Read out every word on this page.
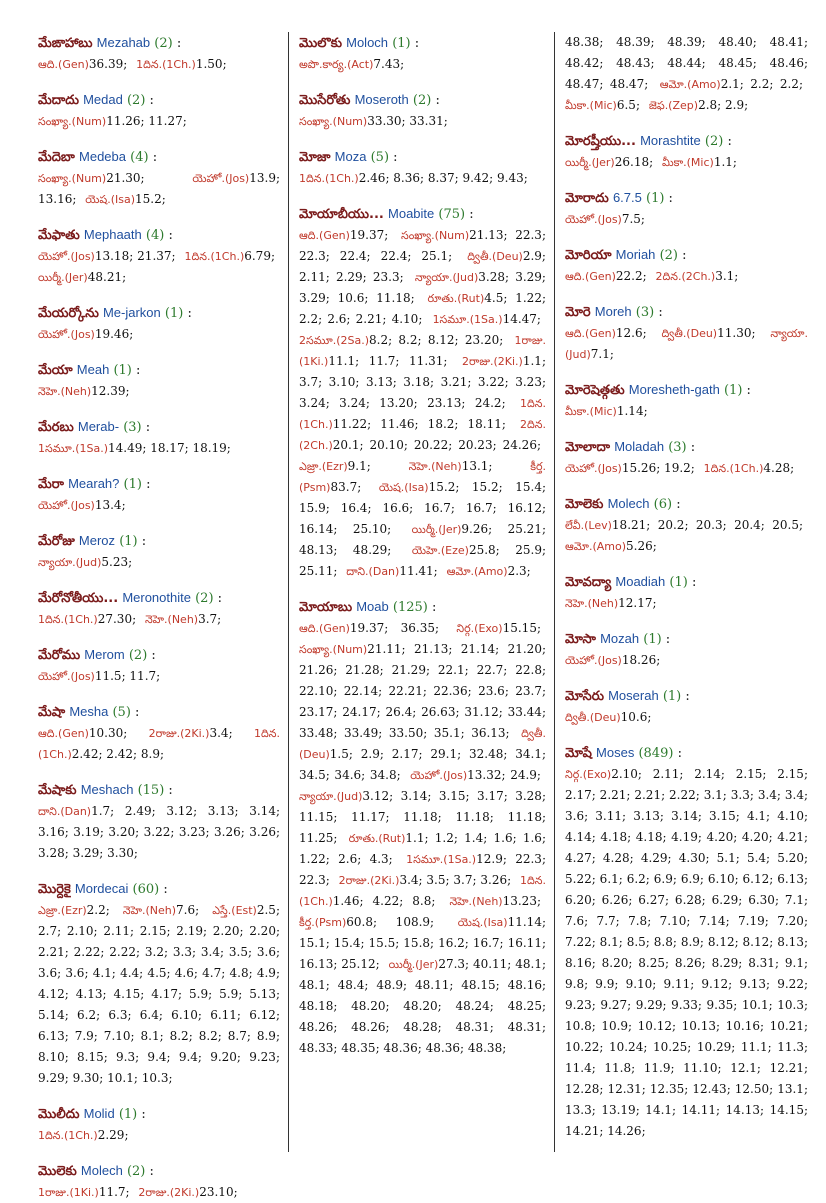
మేఙాహాబు Mezahab (2) :
ఆది.(Gen)36.39; 1దిన.(1Ch.)1.50;
మేదాదు Medad (2) :
సంఖ్యా.(Num)11.26; 11.27;
మేదెబా Medeba (4) :
సంఖ్యా.(Num)21.30;	యెహో.(Jos)13.9; 13.16; యెష.(Isa)15.2;
మేఫాతు Mephaath (4) :
యెహో.(Jos)13.18; 21.37; 1దిన.(1Ch.)6.79; యిర్మీ.(Jer)48.21;
మేయర్కోను Me-jarkon (1) :
యెహో.(Jos)19.46;
మేయా Meah (1) :
నెహె.(Neh)12.39;
మేరబు Merab- (3) :
1సమూ.(1Sa.)14.49; 18.17; 18.19;
మేరా Mearah? (1) :
యెహో.(Jos)13.4;
మేరోజు Meroz (1) :
న్యాయా.(Jud)5.23;
మేరోనోతీయు... Meronothite (2) :
1దిన.(1Ch.)27.30; నెహె.(Neh)3.7;
మేరోము Merom (2) :
యెహో.(Jos)11.5; 11.7;
మేషా Mesha (5) :
ఆది.(Gen)10.30; 2రాజు.(2Ki.)3.4; 1దిన.(1Ch.)2.42; 2.42; 8.9;
మేషాకు Meshach (15) :
దాని.(Dan)1.7; 2.49; 3.12; 3.13; 3.14; 3.16; 3.19; 3.20; 3.22; 3.23; 3.26; 3.26; 3.28; 3.29; 3.30;
మొర్దెకై Mordecai (60) :
ఎజ్రా.(Ezr)2.2; నెహె.(Neh)7.6; ఎస్తే.(Est)2.5; 2.7; 2.10; 2.11; 2.15; 2.19; 2.20; 2.20; 2.21; 2.22; 2.22; 3.2; 3.3; 3.4; 3.5; 3.6; 3.6; 3.6; 4.1; 4.4; 4.5; 4.6; 4.7; 4.8; 4.9; 4.12; 4.13; 4.15; 4.17; 5.9; 5.9; 5.13; 5.14; 6.2; 6.3; 6.4; 6.10; 6.11; 6.12; 6.13; 7.9; 7.10; 8.1; 8.2; 8.2; 8.7; 8.9; 8.10; 8.15; 9.3; 9.4; 9.4; 9.20; 9.23; 9.29; 9.30; 10.1; 10.3;
మొలీదు Molid (1) :
1దిన.(1Ch.)2.29;
మొలెకు Molech (2) :
1రాజు.(1Ki.)11.7; 2రాజు.(2Ki.)23.10;
మొలొకు Moloch (1) :
అపొ.కార్య.(Act)7.43;
మొసేరోతు Moseroth (2) :
సంఖ్యా.(Num)33.30; 33.31;
మోజా Moza (5) :
1దిన.(1Ch.)2.46; 8.36; 8.37; 9.42; 9.43;
మోయాబీయు... Moabite (75) :
ఆది.(Gen)19.37; సంఖ్యా.(Num)21.13; 22.3; 22.3; 22.4; 22.4; 25.1; ద్వితీ.(Deu)2.9; 2.11; 2.29; 23.3; న్యాయా.(Jud)3.28; 3.29; 3.29; 10.6; 11.18; రూతు.(Rut)4.5; 1.22; 2.2; 2.6; 2.21; 4.10; 1సమూ.(1Sa.)14.47; 2సమూ.(2Sa.)8.2; 8.2; 8.12; 23.20; 1రాజు.(1Ki.)11.1; 11.7; 11.31; 2రాజు.(2Ki.)1.1; 3.7; 3.10; 3.13; 3.18; 3.21; 3.22; 3.23; 3.24; 3.24; 13.20; 23.13; 24.2; 1దిన.(1Ch.)11.22; 11.46; 18.2; 18.11; 2దిన.(2Ch.)20.1; 20.10; 20.22; 20.23; 24.26; ఎజ్రా.(Ezr)9.1;	నెహె.(Neh)13.1;	కీర్త.(Psm)83.7; యెష.(Isa)15.2; 15.2; 15.4; 15.9; 16.4; 16.6; 16.7; 16.7; 16.12; 16.14; 25.10; యిర్మీ.(Jer)9.26; 25.21; 48.13; 48.29; యెహె.(Eze)25.8; 25.9; 25.11; దాని.(Dan)11.41; ఆమో.(Amo)2.3;
మోయాబు Moab (125) :
ఆది.(Gen)19.37; 36.35; నిర్గ.(Exo)15.15; సంఖ్యా.(Num)21.11; 21.13; 21.14; 21.20; 21.26; 21.28; 21.29; 22.1; 22.7; 22.8; 22.10; 22.14; 22.21; 22.36; 23.6; 23.7; 23.17; 24.17; 26.4; 26.63; 31.12; 33.44; 33.48; 33.49; 33.50; 35.1; 36.13; ద్వితీ.(Deu)1.5; 2.9; 2.17; 29.1; 32.48; 34.1; 34.5; 34.6; 34.8; యెహో.(Jos)13.32; 24.9; న్యాయా.(Jud)3.12; 3.14; 3.15; 3.17; 3.28; 11.15; 11.17; 11.18; 11.18; 11.18; 11.25; రూతు.(Rut)1.1; 1.2; 1.4; 1.6; 1.6; 1.22; 2.6; 4.3; 1సమూ.(1Sa.)12.9; 22.3; 22.3; 2రాజు.(2Ki.)3.4; 3.5; 3.7; 3.26; 1దిన.(1Ch.)1.46; 4.22; 8.8; నెహె.(Neh)13.23; కీర్త.(Psm)60.8; 108.9; యెష.(Isa)11.14; 15.1; 15.4; 15.5; 15.8; 16.2; 16.7; 16.11; 16.13; 25.12; యిర్మీ.(Jer)27.3; 40.11; 48.1; 48.1; 48.4; 48.9; 48.11; 48.15; 48.16; 48.18; 48.20; 48.20; 48.24; 48.25; 48.26; 48.26; 48.28; 48.31; 48.31; 48.33; 48.35; 48.36; 48.36; 48.38;
48.38; 48.39; 48.39; 48.40; 48.41; 48.42; 48.43; 48.44; 48.45; 48.46; 48.47; 48.47; ఆమో.(Amo)2.1; 2.2; 2.2; మీకా.(Mic)6.5; జెఫ.(Zep)2.8; 2.9;
మోరష్తీయు... Morashtite (2) :
యిర్మీ.(Jer)26.18; మీకా.(Mic)1.1;
మోరాదు 6.7.5 (1) :
యెహో.(Jos)7.5;
మోరియా Moriah (2) :
ఆది.(Gen)22.2; 2దిన.(2Ch.)3.1;
మోరె Moreh (3) :
ఆది.(Gen)12.6; ద్వితీ.(Deu)11.30; న్యాయా.(Jud)7.1;
మోరెషెత్గతు Moresheth-gath (1) :
మీకా.(Mic)1.14;
మోలాదా Moladah (3) :
యెహో.(Jos)15.26; 19.2; 1దిన.(1Ch.)4.28;
మోలెకు Molech (6) :
లేవీ.(Lev)18.21; 20.2; 20.3; 20.4; 20.5; ఆమో.(Amo)5.26;
మోవద్యా Moadiah (1) :
నెహె.(Neh)12.17;
మోసా Mozah (1) :
యెహో.(Jos)18.26;
మోసేరు Moserah (1) :
ద్వితీ.(Deu)10.6;
మోషే Moses (849) :
నిర్గ.(Exo)2.10; 2.11; 2.14; 2.15; 2.15; 2.17; 2.21; 2.21; 2.22; 3.1; 3.3; 3.4; 3.4; 3.6; 3.11; 3.13; 3.14; 3.15; 4.1; 4.10; 4.14; 4.18; 4.18; 4.19; 4.20; 4.20; 4.21; 4.27; 4.28; 4.29; 4.30; 5.1; 5.4; 5.20; 5.22; 6.1; 6.2; 6.9; 6.9; 6.10; 6.12; 6.13; 6.20; 6.26; 6.27; 6.28; 6.29; 6.30; 7.1; 7.6; 7.7; 7.8; 7.10; 7.14; 7.19; 7.20; 7.22; 8.1; 8.5; 8.8; 8.9; 8.12; 8.12; 8.13; 8.16; 8.20; 8.25; 8.26; 8.29; 8.31; 9.1; 9.8; 9.9; 9.10; 9.11; 9.12; 9.13; 9.22; 9.23; 9.27; 9.29; 9.33; 9.35; 10.1; 10.3; 10.8; 10.9; 10.12; 10.13; 10.16; 10.21; 10.22; 10.24; 10.25; 10.29; 11.1; 11.3; 11.4; 11.8; 11.9; 11.10; 12.1; 12.21; 12.28; 12.31; 12.35; 12.43; 12.50; 13.1; 13.3; 13.19; 14.1; 14.11; 14.13; 14.15; 14.21; 14.26;
